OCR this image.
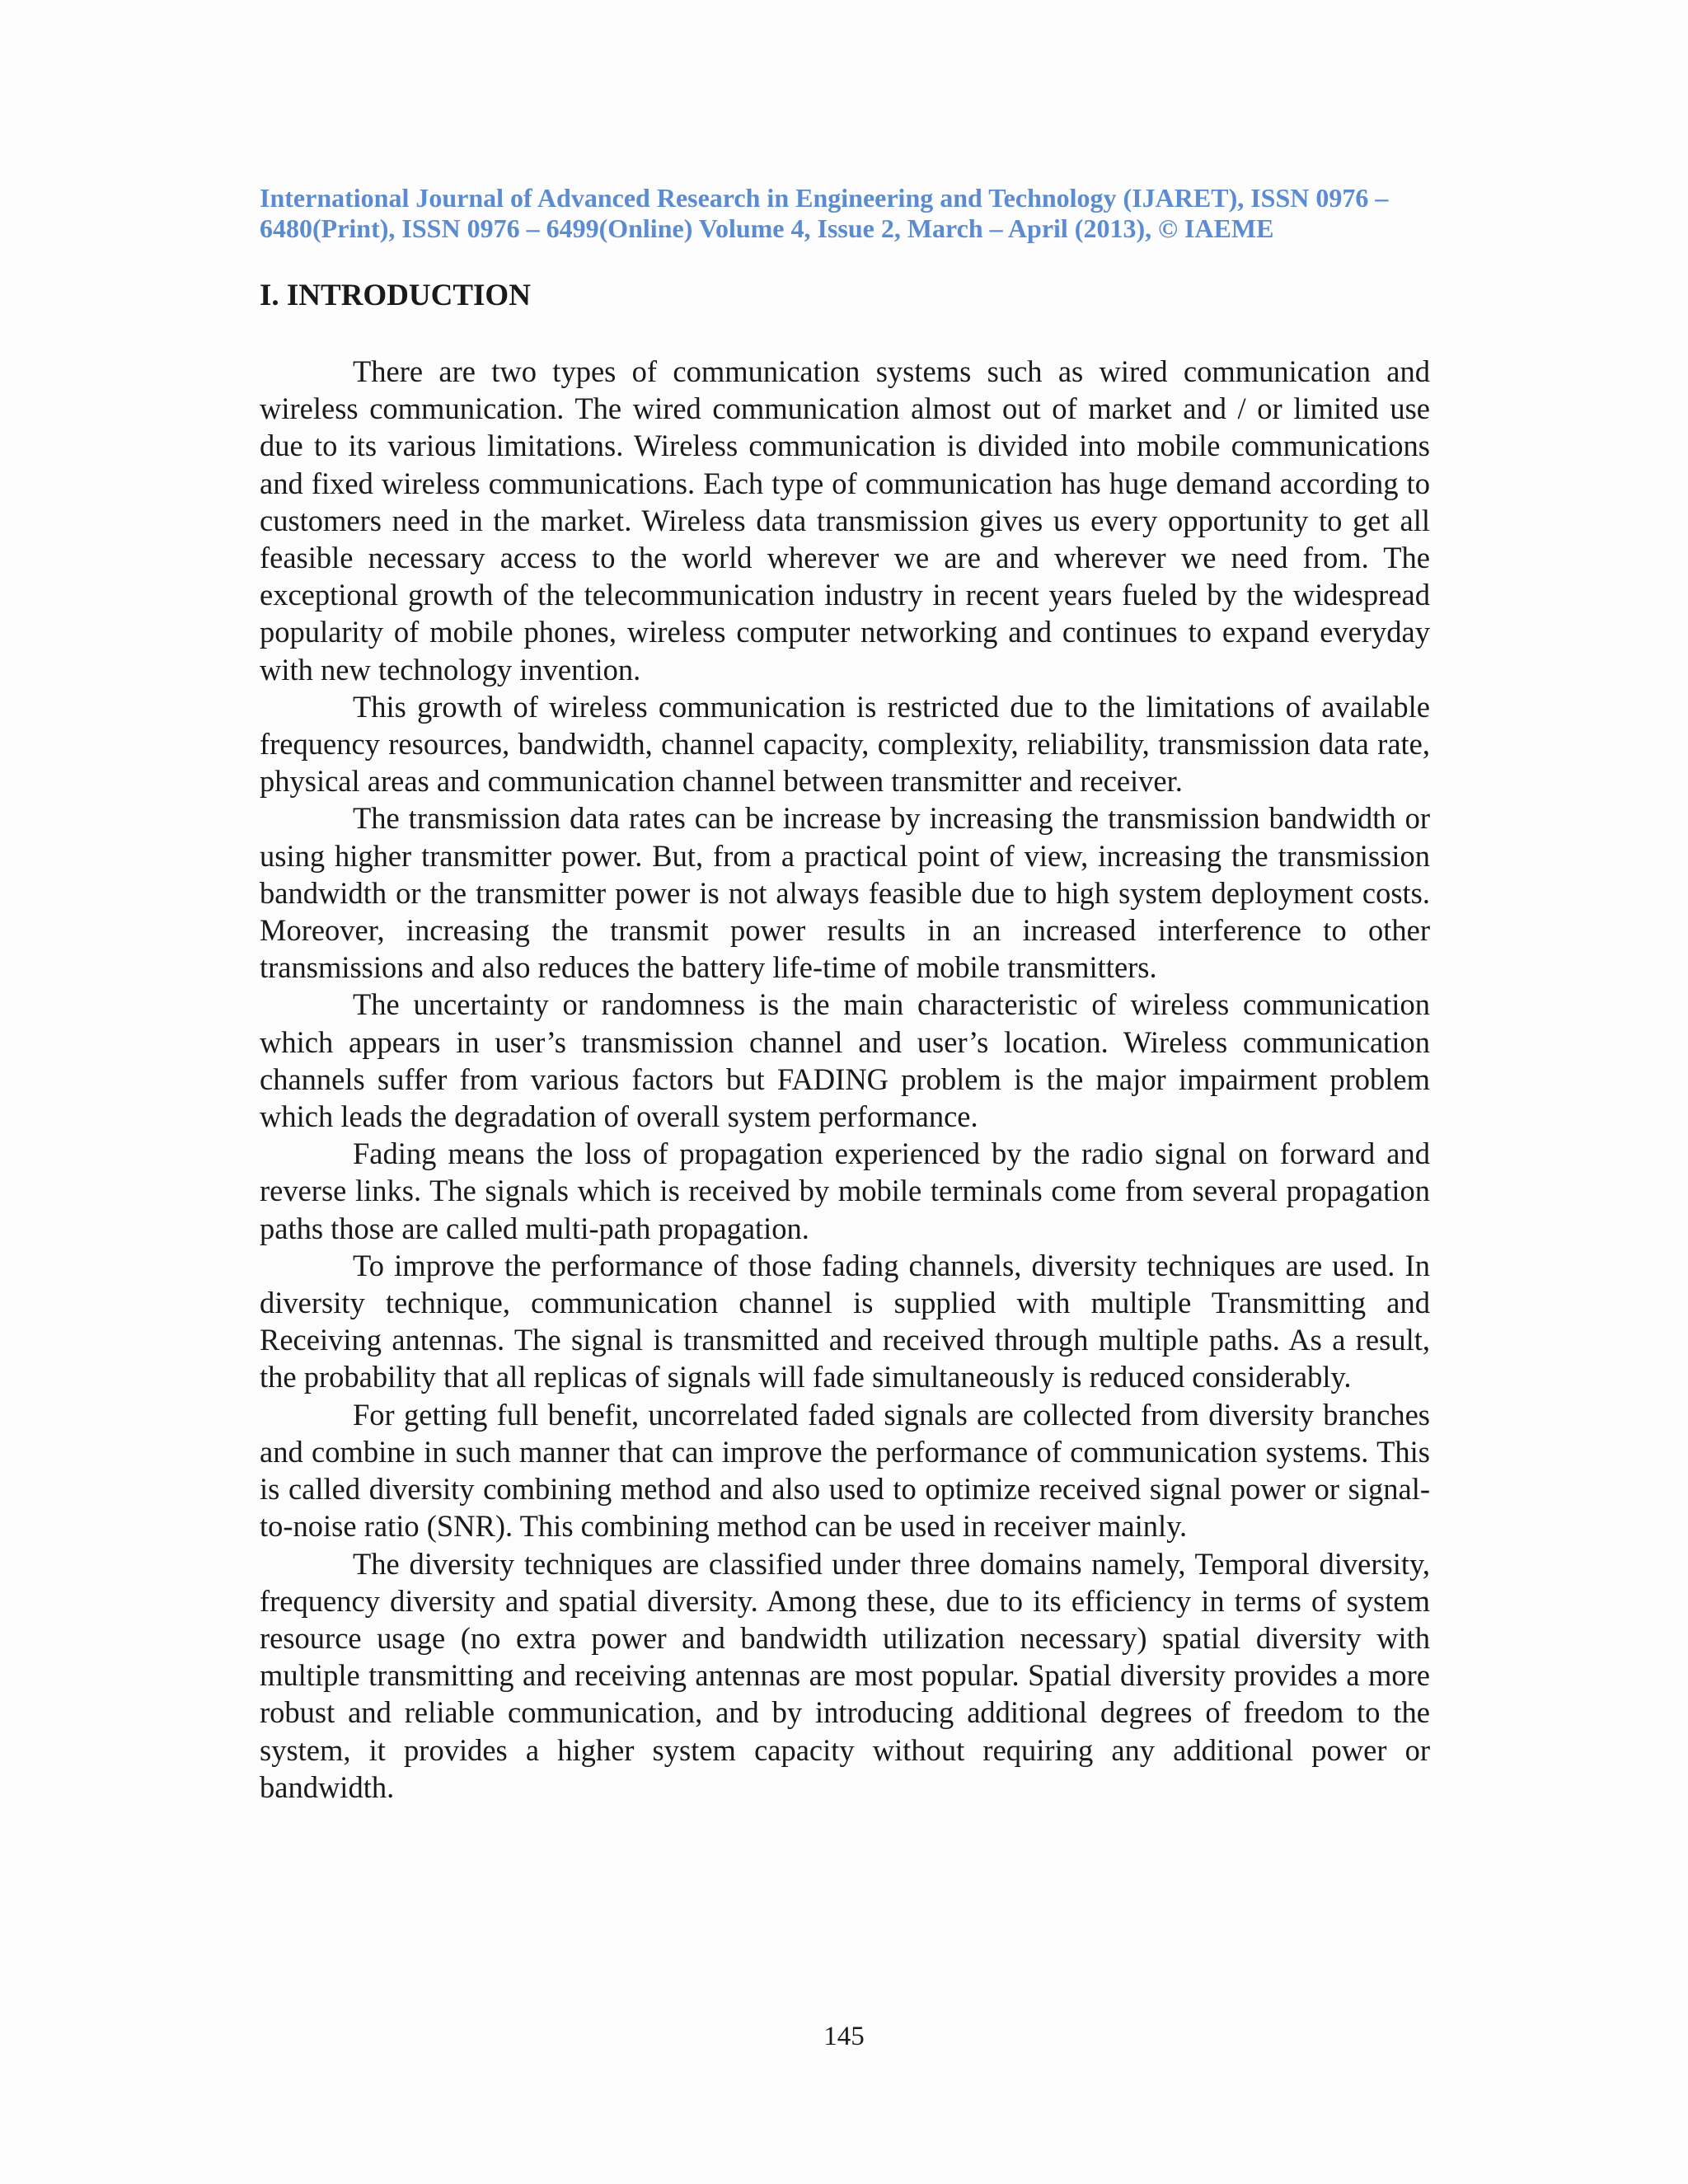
International Journal of Advanced Research in Engineering and Technology (IJARET), ISSN 0976 –
6480(Print), ISSN 0976 – 6499(Online) Volume 4, Issue 2, March – April (2013), © IAEME
I. INTRODUCTION

There are two types of communication systems such as wired communication and wireless communication. The wired communication almost out of market and / or limited use due to its various limitations. Wireless communication is divided into mobile communications and fixed wireless communications. Each type of communication has huge demand according to customers need in the market. Wireless data transmission gives us every opportunity to get all feasible necessary access to the world wherever we are and wherever we need from. The exceptional growth of the telecommunication industry in recent years fueled by the widespread popularity of mobile phones, wireless computer networking and continues to expand everyday with new technology invention.

This growth of wireless communication is restricted due to the limitations of available frequency resources, bandwidth, channel capacity, complexity, reliability, transmission data rate, physical areas and communication channel between transmitter and receiver.

The transmission data rates can be increase by increasing the transmission bandwidth or using higher transmitter power. But, from a practical point of view, increasing the transmission bandwidth or the transmitter power is not always feasible due to high system deployment costs. Moreover, increasing the transmit power results in an increased interference to other transmissions and also reduces the battery life-time of mobile transmitters.

The uncertainty or randomness is the main characteristic of wireless communication which appears in user’s transmission channel and user’s location. Wireless communication channels suffer from various factors but FADING problem is the major impairment problem which leads the degradation of overall system performance.

Fading means the loss of propagation experienced by the radio signal on forward and reverse links. The signals which is received by mobile terminals come from several propagation paths those are called multi-path propagation.

To improve the performance of those fading channels, diversity techniques are used. In diversity technique, communication channel is supplied with multiple Transmitting and Receiving antennas. The signal is transmitted and received through multiple paths. As a result, the probability that all replicas of signals will fade simultaneously is reduced considerably.

For getting full benefit, uncorrelated faded signals are collected from diversity branches and combine in such manner that can improve the performance of communication systems. This is called diversity combining method and also used to optimize received signal power or signal-to-noise ratio (SNR). This combining method can be used in receiver mainly.

The diversity techniques are classified under three domains namely, Temporal diversity, frequency diversity and spatial diversity. Among these, due to its efficiency in terms of system resource usage (no extra power and bandwidth utilization necessary) spatial diversity with multiple transmitting and receiving antennas are most popular. Spatial diversity provides a more robust and reliable communication, and by introducing additional degrees of freedom to the system, it provides a higher system capacity without requiring any additional power or bandwidth.

145
